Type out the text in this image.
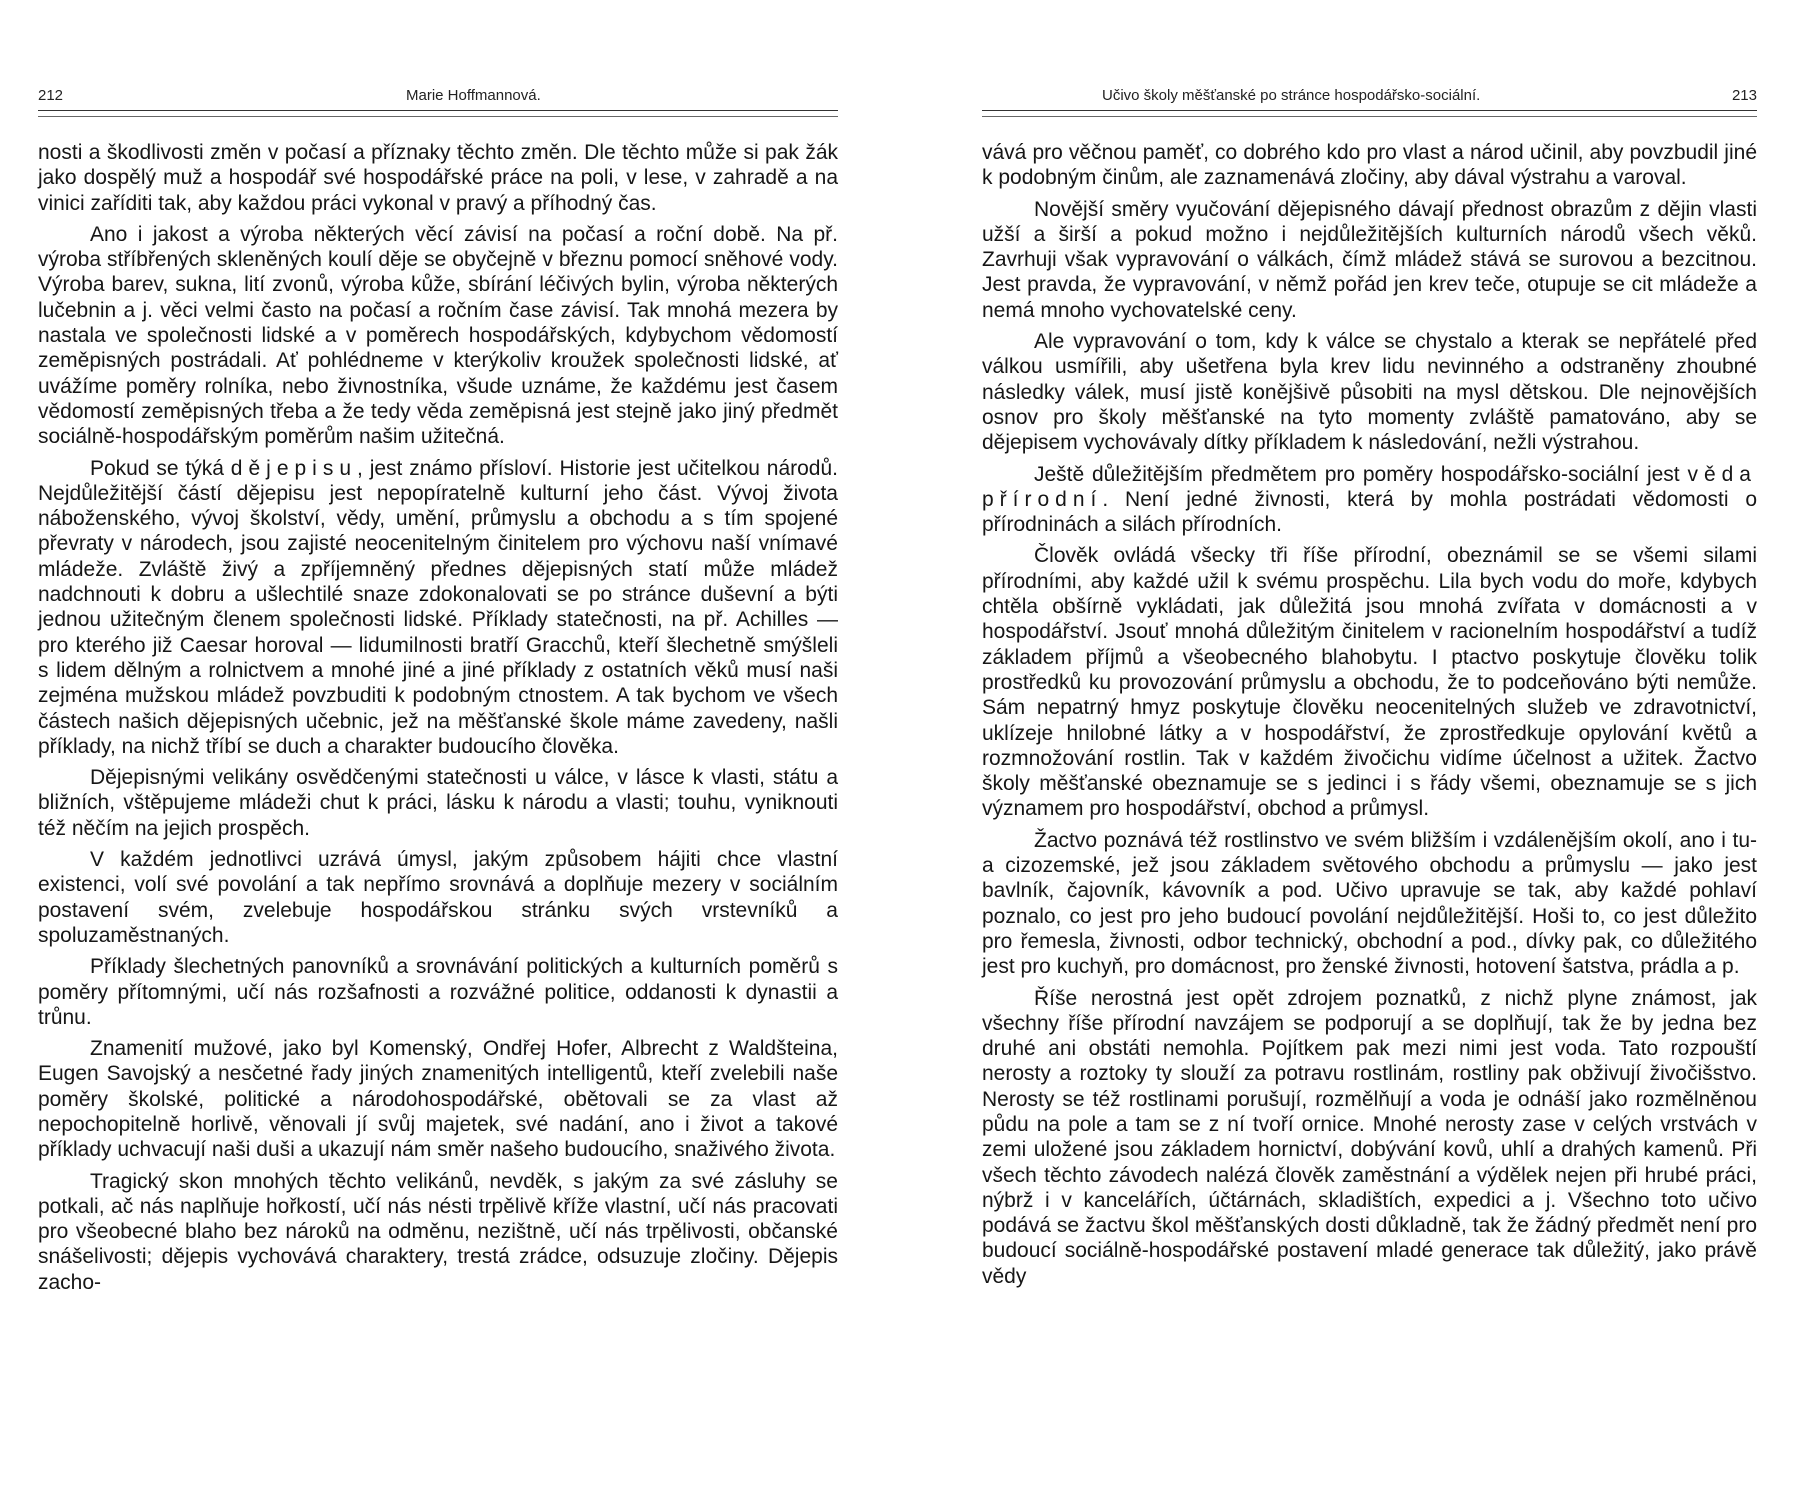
212	Marie Hoffmannová.

nosti a škodlivosti změn v počasí a příznaky těchto změn. Dle těchto může si pak žák jako dospělý muž a hospodář své hospodářské práce na poli, v lese, v zahradě a na vinici zaříditi tak, aby každou práci vykonal v pravý a příhodný čas.

Ano i jakost a výroba některých věcí závisí na počasí a roční době. Na př. výroba stříbřených skleněných koulí děje se obyčejně v březnu pomocí sněhové vody. Výroba barev, sukna, lití zvonů, výroba kůže, sbírání léčivých bylin, výroba některých lučebnin a j. věci velmi často na počasí a ročním čase závisí. Tak mnohá mezera by nastala ve společnosti lidské a v poměrech hospodářských, kdybychom vědomostí zeměpisných postrádali. Ať pohlédneme v kterýkoliv kroužek společnosti lidské, ať uvážíme poměry rolníka, nebo živnostníka, všude uznáme, že každému jest časem vědomostí zeměpisných třeba a že tedy věda zeměpisná jest stejně jako jiný předmět sociálně-hospodářským poměrům našim užitečná.

Pokud se týká dějepisu, jest známo přísloví. Historie jest učitelkou národů. Nejdůležitější částí dějepisu jest nepopíratelně kulturní jeho část. Vývoj života náboženského, vývoj školství, vědy, umění, průmyslu a obchodu a s tím spojené převraty v národech, jsou zajisté neocenitelným činitelem pro výchovu naší vnímavé mládeže. Zvláště živý a zpříjemněný přednes dějepisných statí může mládež nadchnouti k dobru a ušlechtilé snaze zdokonalovati se po stránce duševní a býti jednou užitečným členem společnosti lidské. Příklady statečnosti, na př. Achilles — pro kterého již Caesar horoval — lidumilnosti bratří Gracchů, kteří šlechetně smýšleli s lidem dělným a rolnictvem a mnohé jiné a jiné příklady z ostatních věků musí naši zejména mužskou mládež povzbuditi k podobným ctnostem. A tak bychom ve všech částech našich dějepisných učebnic, jež na měšťanské škole máme zavedeny, našli příklady, na nichž tříbí se duch a charakter budoucího člověka.

Dějepisnými velikány osvědčenými statečnosti u válce, v lásce k vlasti, státu a bližních, vštěpujeme mládeži chut k práci, lásku k národu a vlasti; touhu, vyniknouti též něčím na jejich prospěch.

V každém jednotlivci uzrává úmysl, jakým způsobem hájiti chce vlastní existenci, volí své povolání a tak nepřímo srovnává a doplňuje mezery v sociálním postavení svém, zvelebuje hospodářskou stránku svých vrstevníků a spoluzaměstnaných.

Příklady šlechetných panovníků a srovnávání politických a kulturních poměrů s poměry přítomnými, učí nás rozšafnosti a rozvážné politice, oddanosti k dynastii a trůnu.

Znamenití mužové, jako byl Komenský, Ondřej Hofer, Albrecht z Waldšteina, Eugen Savojský a nesčetné řady jiných znamenitých intelligentů, kteří zvelebili naše poměry školské, politické a národohospodářské, obětovali se za vlast až nepochopitelně horlivě, věnovali jí svůj majetek, své nadání, ano i život a takové příklady uchvacují naši duši a ukazují nám směr našeho budoucího, snaživého života.

Tragický skon mnohých těchto velikánů, nevděk, s jakým za své zásluhy se potkali, ač nás naplňuje hořkostí, učí nás nésti trpělivě kříže vlastní, učí nás pracovati pro všeobecné blaho bez nároků na odměnu, nezištně, učí nás trpělivosti, občanské snášelivosti; dějepis vychovává charaktery, trestá zrádce, odsuzuje zločiny. Dějepis zacho-

Učivo školy měšťanské po stránce hospodářsko-sociální.	213

vává pro věčnou paměť, co dobrého kdo pro vlast a národ učinil, aby povzbudil jiné k podobným činům, ale zaznamenává zločiny, aby dával výstrahu a varoval.

Novější směry vyučování dějepisného dávají přednost obrazům z dějin vlasti užší a širší a pokud možno i nejdůležitějších kulturních národů všech věků. Zavrhuji však vypravování o válkách, čímž mládež stává se surovou a bezcitnou. Jest pravda, že vypravování, v němž pořád jen krev teče, otupuje se cit mládeže a nemá mnoho vychovatelské ceny.

Ale vypravování o tom, kdy k válce se chystalo a kterak se nepřátelé před válkou usmířili, aby ušetřena byla krev lidu nevinného a odstraněny zhoubné následky válek, musí jistě konějšivě působiti na mysl dětskou. Dle nejnovějších osnov pro školy měšťanské na tyto momenty zvláště pamatováno, aby se dějepisem vychovávaly dítky příkladem k následování, nežli výstrahou.

Ještě důležitějším předmětem pro poměry hospodářsko-sociální jest věda přírodní. Není jedné živnosti, která by mohla postrádati vědomosti o přírodninách a silách přírodních.

Člověk ovládá všecky tři říše přírodní, obeznámil se se všemi silami přírodními, aby každé užil k svému prospěchu. Lila bych vodu do moře, kdybych chtěla obšírně vykládati, jak důležitá jsou mnohá zvířata v domácnosti a v hospodářství. Jsouť mnohá důležitým činitelem v racionelním hospodářství a tudíž základem příjmů a všeobecného blahobytu. I ptactvo poskytuje člověku tolik prostředků ku provozování průmyslu a obchodu, že to podceňováno býti nemůže. Sám nepatrný hmyz poskytuje člověku neocenitelných služeb ve zdravotnictví, uklízeje hnilobné látky a v hospodářství, že zprostředkuje opylování květů a rozmnožování rostlin. Tak v každém živočichu vidíme účelnost a užitek. Žactvo školy měšťanské obeznamuje se s jedinci i s řády všemi, obeznamuje se s jich významem pro hospodářství, obchod a průmysl.

Žactvo poznává též rostlinstvo ve svém bližším i vzdálenějším okolí, ano i tu- a cizozemské, jež jsou základem světového obchodu a průmyslu — jako jest bavlník, čajovník, kávovník a pod. Učivo upravuje se tak, aby každé pohlaví poznalo, co jest pro jeho budoucí povolání nejdůležitější. Hoši to, co jest důležito pro řemesla, živnosti, odbor technický, obchodní a pod., dívky pak, co důležitého jest pro kuchyň, pro domácnost, pro ženské živnosti, hotovení šatstva, prádla a p.

Říše nerostná jest opět zdrojem poznatků, z nichž plyne známost, jak všechny říše přírodní navzájem se podporují a se doplňují, tak že by jedna bez druhé ani obstáti nemohla. Pojítkem pak mezi nimi jest voda. Tato rozpouští nerosty a roztoky ty slouží za potravu rostlinám, rostliny pak obživují živočišstvo. Nerosty se též rostlinami porušují, rozmělňují a voda je odnáší jako rozmělněnou půdu na pole a tam se z ní tvoří ornice. Mnohé nerosty zase v celých vrstvách v zemi uložené jsou základem hornictví, dobývání kovů, uhlí a drahých kamenů. Při všech těchto závodech nalézá člověk zaměstnání a výdělek nejen při hrubé práci, nýbrž i v kancelářích, účtárnách, skladištích, expedici a j. Všechno toto učivo podává se žactvu škol měšťanských dosti důkladně, tak že žádný předmět není pro budoucí sociálně-hospodářské postavení mladé generace tak důležitý, jako právě vědy
